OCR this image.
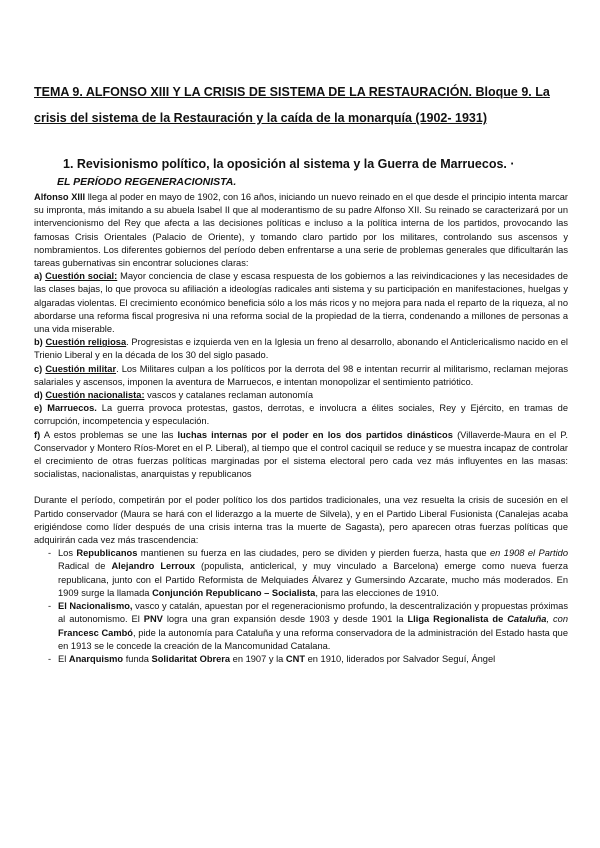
TEMA 9. ALFONSO XIII Y LA CRISIS DE SISTEMA DE LA RESTAURACIÓN. Bloque 9. La crisis del sistema de la Restauración y la caída de la monarquía (1902- 1931)
1. Revisionismo político, la oposición al sistema y la Guerra de Marruecos. ·
EL PERÍODO REGENERACIONISTA.

Alfonso XIII llega al poder en mayo de 1902, con 16 años, iniciando un nuevo reinado en el que desde el principio intenta marcar su impronta, más imitando a su abuela Isabel II que al moderantismo de su padre Alfonso XII. Su reinado se caracterizará por un intervencionismo del Rey que afecta a las decisiones políticas e incluso a la política interna de los partidos, provocando las famosas Crisis Orientales (Palacio de Oriente), y tomando claro partido por los militares, controlando sus ascensos y nombramientos. Los diferentes gobiernos del período deben enfrentarse a una serie de problemas generales que dificultarán las tareas gubernativas sin encontrar soluciones claras:

a) Cuestión social: Mayor conciencia de clase y escasa respuesta de los gobiernos a las reivindicaciones y las necesidades de las clases bajas, lo que provoca su afiliación a ideologías radicales anti sistema y su participación en manifestaciones, huelgas y algaradas violentas. El crecimiento económico beneficia sólo a los más ricos y no mejora para nada el reparto de la riqueza, al no abordarse una reforma fiscal progresiva ni una reforma social de la propiedad de la tierra, condenando a millones de personas a una vida miserable.

b) Cuestión religiosa. Progresistas e izquierda ven en la Iglesia un freno al desarrollo, abonando el Anticlericalismo nacido en el Trienio Liberal y en la década de los 30 del siglo pasado.

c) Cuestión militar. Los Militares culpan a los políticos por la derrota del 98 e intentan recurrir al militarismo, reclaman mejoras salariales y ascensos, imponen la aventura de Marruecos, e intentan monopolizar el sentimiento patriótico.

d) Cuestión nacionalista: vascos y catalanes reclaman autonomía

e) Marruecos. La guerra provoca protestas, gastos, derrotas, e involucra a élites sociales, Rey y Ejército, en tramas de corrupción, incompetencia y especulación.

f) A estos problemas se une las luchas internas por el poder en los dos partidos dinásticos (Villaverde-Maura en el P. Conservador y Montero Ríos-Moret en el P. Liberal), al tiempo que el control caciquil se reduce y se muestra incapaz de controlar el crecimiento de otras fuerzas políticas marginadas por el sistema electoral pero cada vez más influyentes en las masas: socialistas, nacionalistas, anarquistas y republicanos

Durante el período, competirán por el poder político los dos partidos tradicionales, una vez resuelta la crisis de sucesión en el Partido conservador (Maura se hará con el liderazgo a la muerte de Silvela), y en el Partido Liberal Fusionista (Canalejas acaba erigiéndose como líder después de una crisis interna tras la muerte de Sagasta), pero aparecen otras fuerzas políticas que adquirirán cada vez más trascendencia:

- Los Republicanos mantienen su fuerza en las ciudades, pero se dividen y pierden fuerza, hasta que en 1908 el Partido Radical de Alejandro Lerroux (populista, anticlerical, y muy vinculado a Barcelona) emerge como nueva fuerza republicana, junto con el Partido Reformista de Melquiades Álvarez y Gumersindo Azcarate, mucho más moderados. En 1909 surge la llamada Conjunción Republicano – Socialista, para las elecciones de 1910.
- El Nacionalismo, vasco y catalán, apuestan por el regeneracionismo profundo, la descentralización y propuestas próximas al autonomismo. El PNV logra una gran expansión desde 1903 y desde 1901 la Lliga Regionalista de Cataluña, con Francesc Cambó, pide la autonomía para Cataluña y una reforma conservadora de la administración del Estado hasta que en 1913 se le concede la creación de la Mancomunidad Catalana.
- El Anarquismo funda Solidaritat Obrera en 1907 y la CNT en 1910, liderados por Salvador Seguí, Ángel
